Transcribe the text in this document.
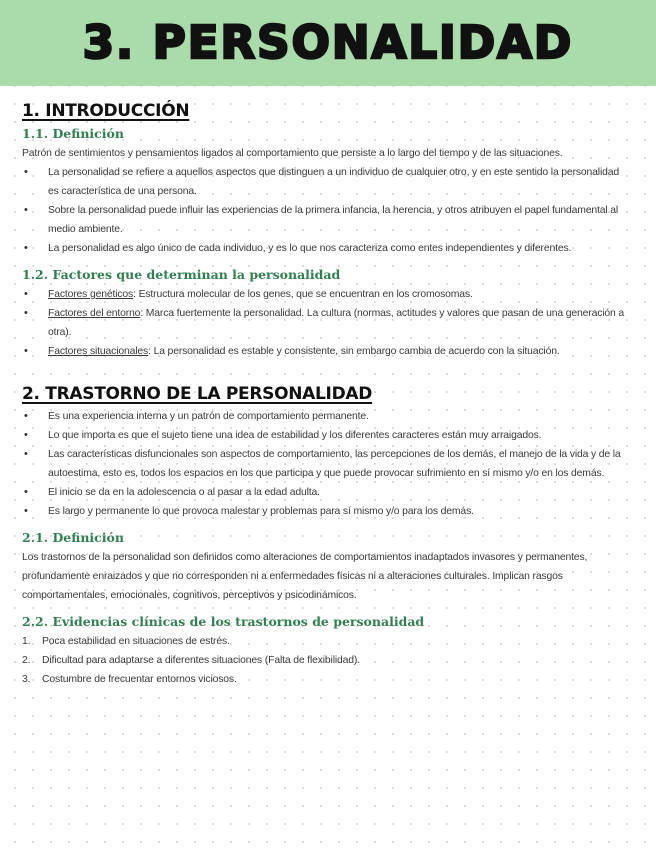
3. PERSONALIDAD
1. INTRODUCCIÓN
1.1. Definición

Patrón de sentimientos y pensamientos ligados al comportamiento que persiste a lo largo del tiempo y de las situaciones.

• La personalidad se refiere a aquellos aspectos que distinguen a un individuo de cualquier otro, y en este sentido la personalidad es característica de una persona.
• Sobre la personalidad puede influir las experiencias de la primera infancia, la herencia, y otros atribuyen el papel fundamental al medio ambiente.
• La personalidad es algo único de cada individuo, y es lo que nos caracteriza como entes independientes y diferentes.
1.2. Factores que determinan la personalidad
• Factores genéticos: Estructura molecular de los genes, que se encuentran en los cromosomas.
• Factores del entorno: Marca fuertemente la personalidad. La cultura (normas, actitudes y valores que pasan de una generación a otra).
• Factores situacionales: La personalidad es estable y consistente, sin embargo cambia de acuerdo con la situación.
2. TRASTORNO DE LA PERSONALIDAD
• Es una experiencia interna y un patrón de comportamiento permanente.
• Lo que importa es que el sujeto tiene una idea de estabilidad y los diferentes caracteres están muy arraigados.
• Las características disfuncionales son aspectos de comportamiento, las percepciones de los demás, el manejo de la vida y de la autoestima, esto es, todos los espacios en los que participa y que puede provocar sufrimiento en sí mismo y/o en los demás.
• El inicio se da en la adolescencia o al pasar a la edad adulta.
• Es largo y permanente lo que provoca malestar y problemas para sí mismo y/o para los demás.
2.1. Definición

Los trastornos de la personalidad son definidos como alteraciones de comportamientos inadaptados invasores y permanentes, profundamente enraizados y que no corresponden ni a enfermedades físicas ni a alteraciones culturales. Implican rasgos comportamentales, emocionales, cognitivos, perceptivos y psicodinámicos.

2.2. Evidencias clínicas de los trastornos de personalidad
1. Poca estabilidad en situaciones de estrés.
2. Dificultad para adaptarse a diferentes situaciones (Falta de flexibilidad).
3. Costumbre de frecuentar entornos viciosos.
